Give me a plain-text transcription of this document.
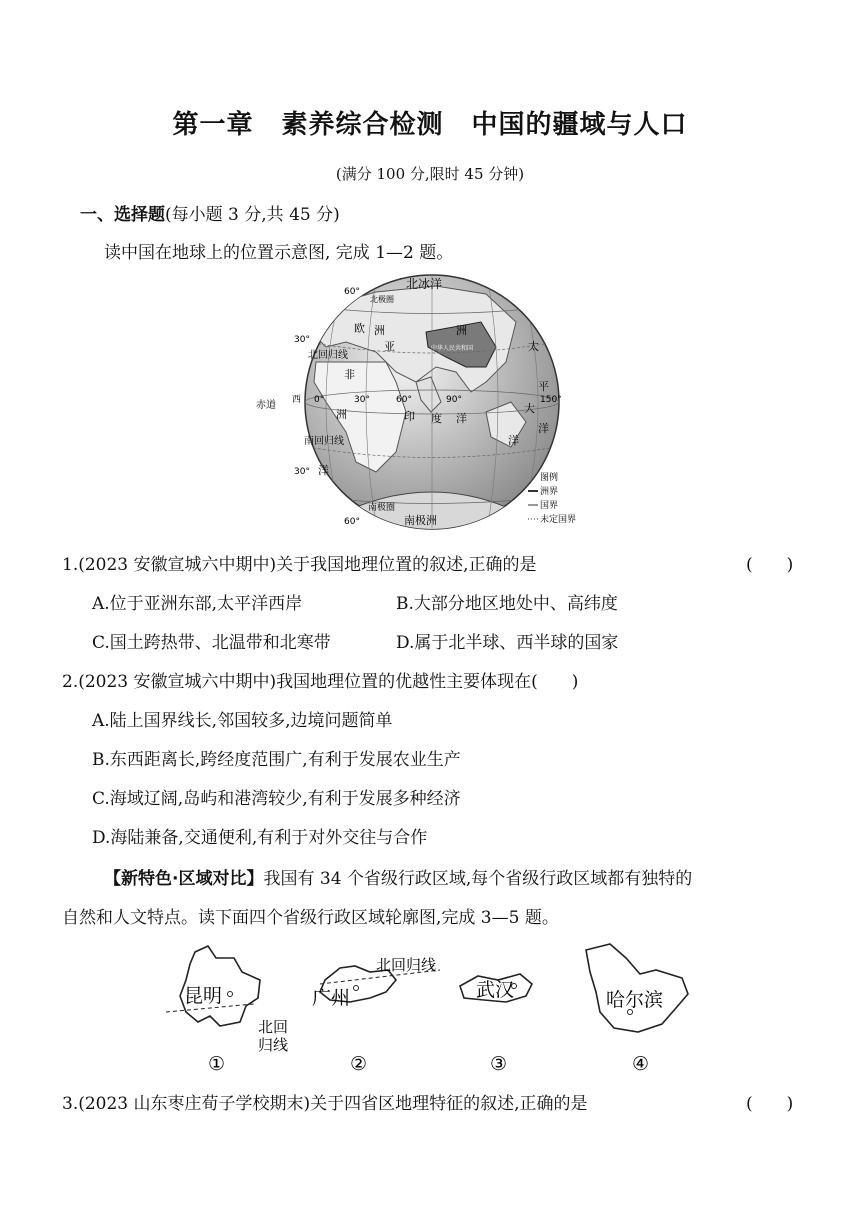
第一章 素养综合检测 中国的疆域与人口
(满分 100 分,限时 45 分钟)
一、选择题(每小题 3 分,共 45 分)
读中国在地球上的位置示意图, 完成 1—2 题。
北冰洋
欧 洲
亚
洲
中华人民共和国
非
洲	印 度 洋
太
平
洋
大
洋
洋
南极洲
南极圈
北回归线
南回归线
赤道
北极圈
60°
30°
30°
60°
西 0°	30°	60°	90°	150°
图例
洲界
国界
未定国界
1.(2023 安徽宣城六中期中)关于我国地理位置的叙述,正确的是	(　　)
A.位于亚洲东部,太平洋西岸	B.大部分地区地处中、高纬度
C.国土跨热带、北温带和北寒带	D.属于北半球、西半球的国家
2.(2023 安徽宣城六中期中)我国地理位置的优越性主要体现在(　　)
A.陆上国界线长,邻国较多,边境问题简单
B.东西距离长,跨经度范围广,有利于发展农业生产
C.海域辽阔,岛屿和港湾较少,有利于发展多种经济
D.海陆兼备,交通便利,有利于对外交往与合作
【新特色·区域对比】我国有 34 个省级行政区域,每个省级行政区域都有独特的
自然和人文特点。读下面四个省级行政区域轮廓图,完成 3—5 题。
昆明
北回
归线
①
广州
北回归线
②
武汉
③
哈尔滨
④
3.(2023 山东枣庄荀子学校期末)关于四省区地理特征的叙述,正确的是	(　　)
